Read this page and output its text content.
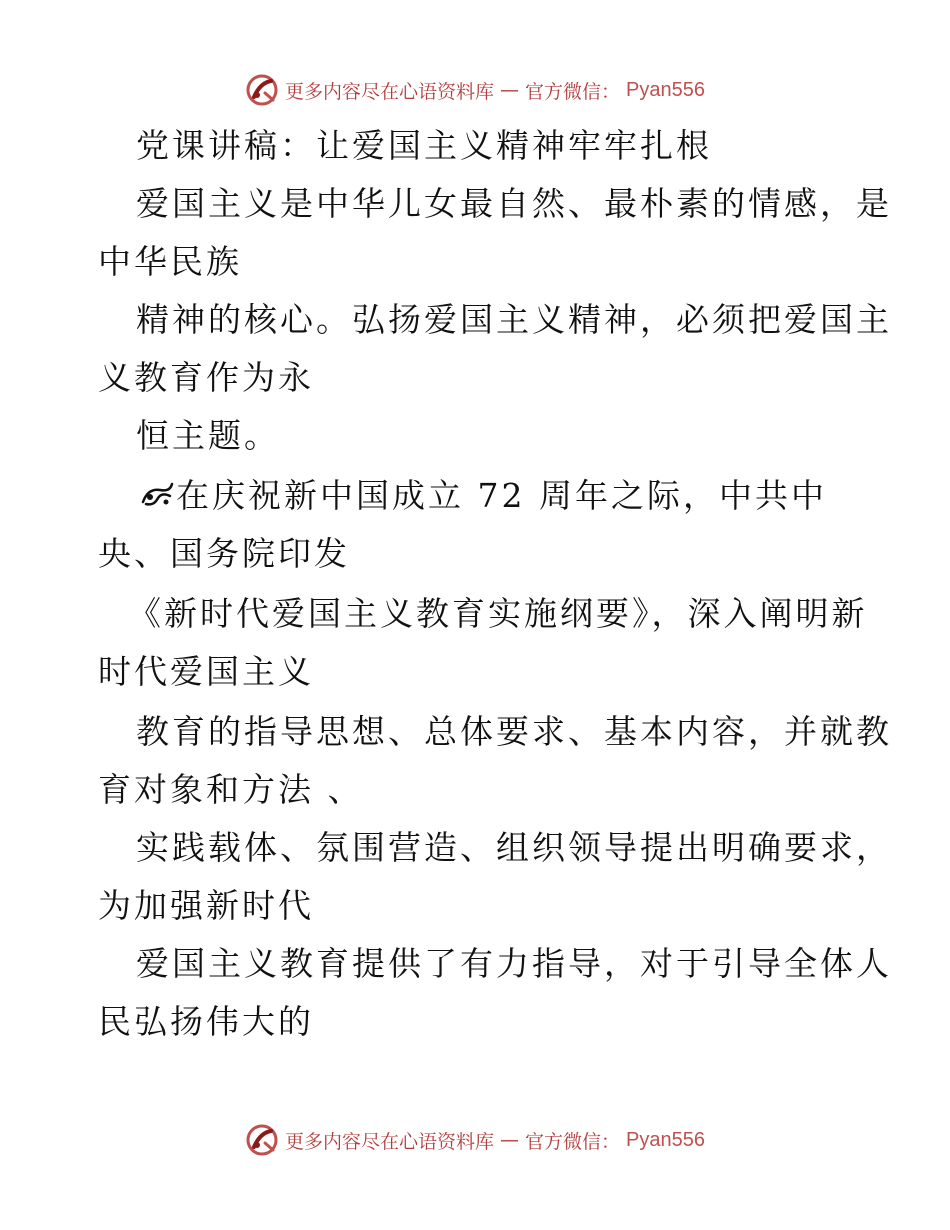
更多内容尽在心语资料库 — 官方微信： Pyan556
党课讲稿：让爱国主义精神牢牢扎根
爱国主义是中华儿女最自然、最朴素的情感，是
中华民族
精神的核心。弘扬爱国主义精神，必须把爱国主
义教育作为永
恒主题。
在庆祝新中国成立 72 周年之际，中共中
央、国务院印发
《新时代爱国主义教育实施纲要》，深入阐明新
时代爱国主义
教育的指导思想、总体要求、基本内容，并就教
育对象和方法 、
实践载体、氛围营造、组织领导提出明确要求，
为加强新时代
爱国主义教育提供了有力指导，对于引导全体人
民弘扬伟大的
更多内容尽在心语资料库 — 官方微信： Pyan556
